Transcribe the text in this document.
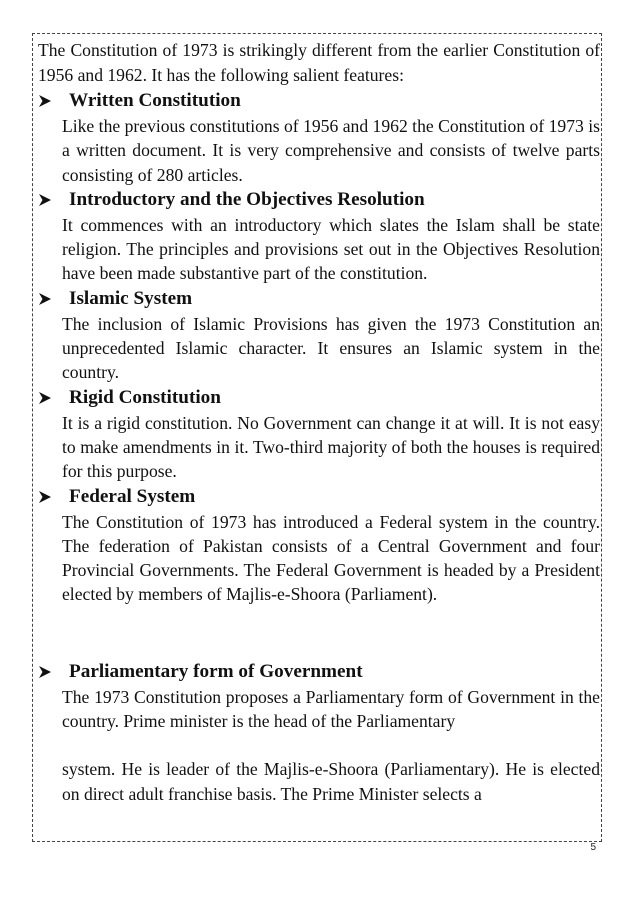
The Constitution of 1973 is strikingly different from the earlier Constitution of 1956 and 1962. It has the following salient features:

Written Constitution

Like the previous constitutions of 1956 and 1962 the Constitution of 1973 is a written document. It is very comprehensive and consists of twelve parts consisting of 280 articles.

Introductory and the Objectives Resolution

It commences with an introductory which slates the Islam shall be state religion. The principles and provisions set out in the Objectives Resolution have been made substantive part of the constitution.

Islamic System

The inclusion of Islamic Provisions has given the 1973 Constitution an unprecedented Islamic character. It ensures an Islamic system in the country.

Rigid Constitution

It is a rigid constitution. No Government can change it at will. It is not easy to make amendments in it. Two-third majority of both the houses is required for this purpose.

Federal System

The Constitution of 1973 has introduced a Federal system in the country. The federation of Pakistan consists of a Central Government and four Provincial Governments. The Federal Government is headed by a President elected by members of Majlis-e-Shoora (Parliament).

Parliamentary form of Government

The 1973 Constitution proposes a Parliamentary form of Government in the country. Prime minister is the head of the Parliamentary

system. He is leader of the Majlis-e-Shoora (Parliamentary). He is elected on direct adult franchise basis. The Prime Minister selects a

5
